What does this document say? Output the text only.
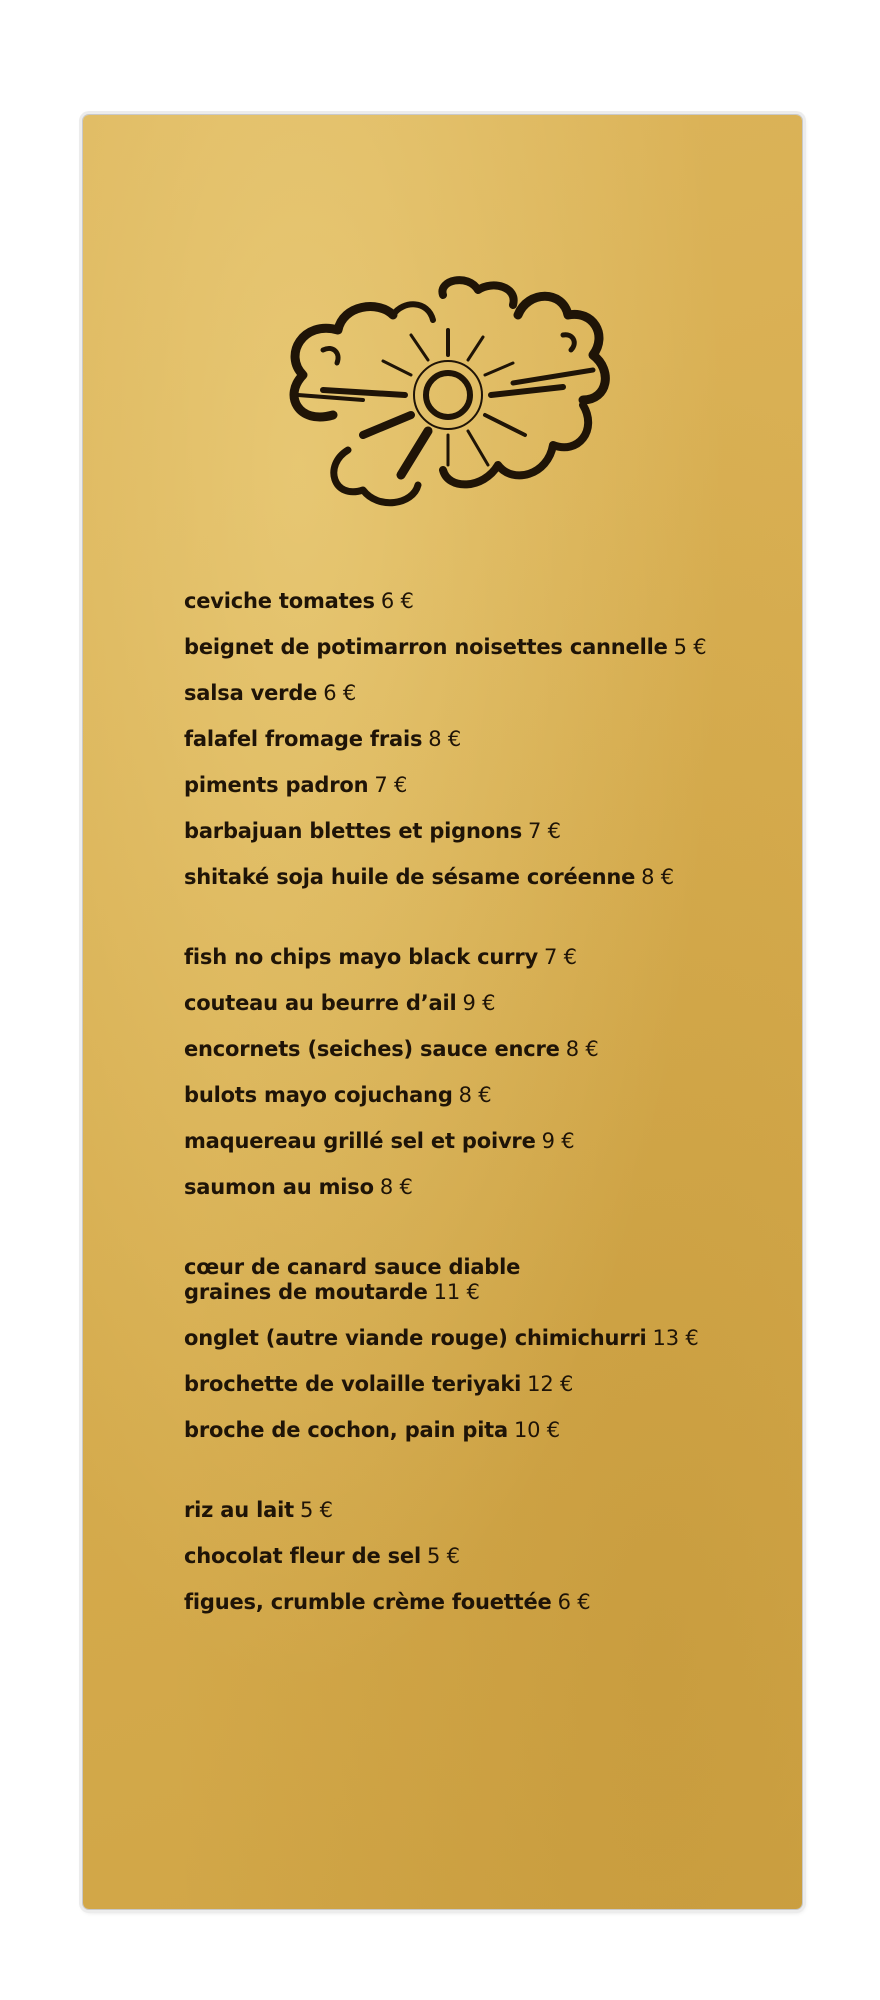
ceviche tomates 6 €
beignet de potimarron noisettes cannelle 5 €
salsa verde 6 €
falafel fromage frais 8 €
piments padron 7 €
barbajuan blettes et pignons 7 €
shitaké soja huile de sésame coréenne 8 €
fish no chips mayo black curry 7 €
couteau au beurre d’ail 9 €
encornets (seiches) sauce encre 8 €
bulots mayo cojuchang 8 €
maquereau grillé sel et poivre 9 €
saumon au miso 8 €
cœur de canard sauce diable
graines de moutarde 11 €
onglet (autre viande rouge) chimichurri 13 €
brochette de volaille teriyaki 12 €
broche de cochon, pain pita 10 €
riz au lait 5 €
chocolat fleur de sel 5 €
figues, crumble crème fouettée 6 €
